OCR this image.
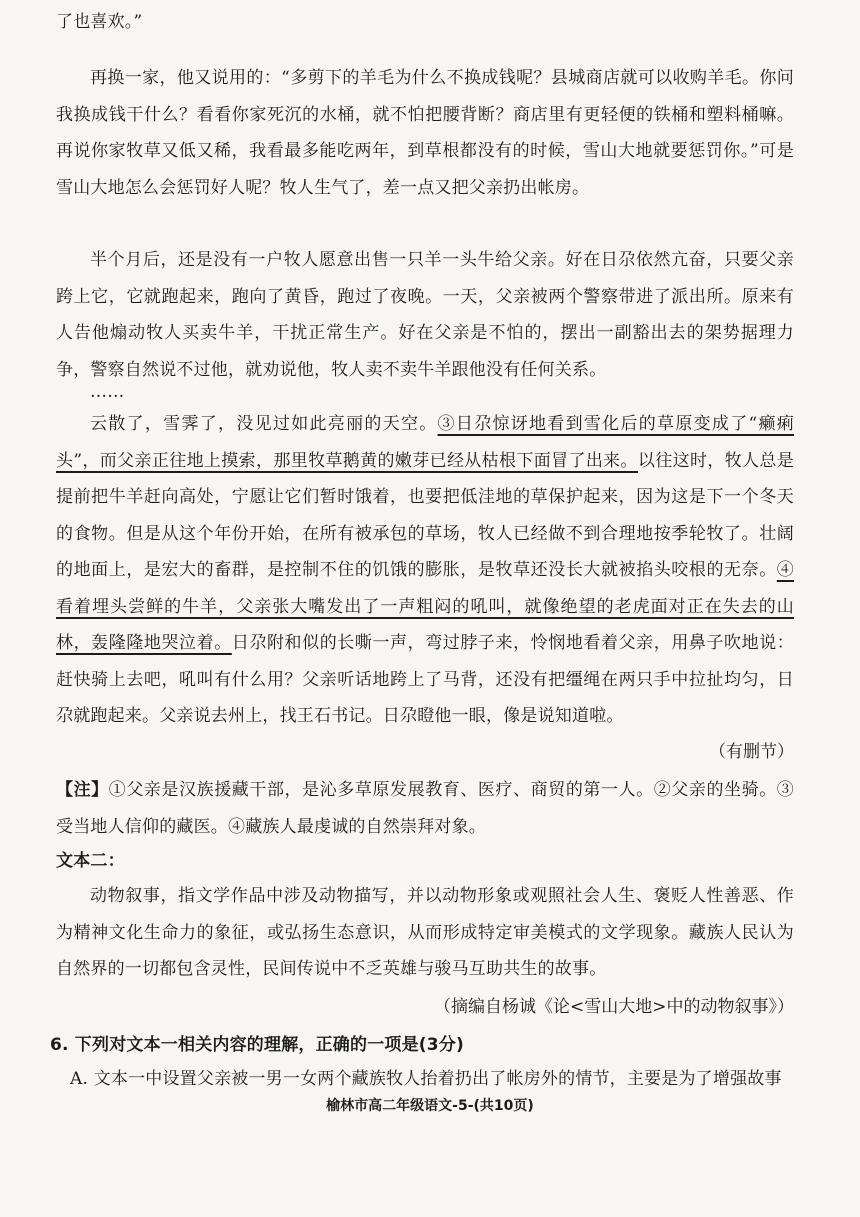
了也喜欢。”

再换一家，他又说用的：“多剪下的羊毛为什么不换成钱呢？县城商店就可以收购羊毛。你问我换成钱干什么？看看你家死沉的水桶，就不怕把腰背断？商店里有更轻便的铁桶和塑料桶嘛。再说你家牧草又低又稀，我看最多能吃两年，到草根都没有的时候，雪山大地就要惩罚你。”可是雪山大地怎么会惩罚好人呢？牧人生气了，差一点又把父亲扔出帐房。

半个月后，还是没有一户牧人愿意出售一只羊一头牛给父亲。好在日尕依然亢奋，只要父亲跨上它，它就跑起来，跑向了黄昏，跑过了夜晚。一天，父亲被两个警察带进了派出所。原来有人告他煽动牧人买卖牛羊，干扰正常生产。好在父亲是不怕的，摆出一副豁出去的架势据理力争，警察自然说不过他，就劝说他，牧人卖不卖牛羊跟他没有任何关系。

……

云散了，雪霁了，没见过如此亮丽的天空。③日尕惊讶地看到雪化后的草原变成了“癞痢头”，而父亲正往地上摸索，那里牧草鹅黄的嫩芽已经从枯根下面冒了出来。以往这时，牧人总是提前把牛羊赶向高处，宁愿让它们暂时饿着，也要把低洼地的草保护起来，因为这是下一个冬天的食物。但是从这个年份开始，在所有被承包的草场，牧人已经做不到合理地按季轮牧了。壮阔的地面上，是宏大的畜群，是控制不住的饥饿的膨胀，是牧草还没长大就被掐头咬根的无奈。④看着埋头尝鲜的牛羊，父亲张大嘴发出了一声粗闷的吼叫，就像绝望的老虎面对正在失去的山林，轰隆隆地哭泣着。日尕附和似的长嘶一声，弯过脖子来，怜悯地看着父亲，用鼻子吹地说：赶快骑上去吧，吼叫有什么用？父亲听话地跨上了马背，还没有把缰绳在两只手中拉扯均匀，日尕就跑起来。父亲说去州上，找王石书记。日尕瞪他一眼，像是说知道啦。

（有删节）

【注】①父亲是汉族援藏干部，是沁多草原发展教育、医疗、商贸的第一人。②父亲的坐骑。③受当地人信仰的藏医。④藏族人最虔诚的自然崇拜对象。

文本二：

动物叙事，指文学作品中涉及动物描写，并以动物形象或观照社会人生、褒贬人性善恶、作为精神文化生命力的象征，或弘扬生态意识，从而形成特定审美模式的文学现象。藏族人民认为自然界的一切都包含灵性，民间传说中不乏英雄与骏马互助共生的故事。

（摘编自杨诚《论<雪山大地>中的动物叙事》）

6. 下列对文本一相关内容的理解，正确的一项是(3分)

A. 文本一中设置父亲被一男一女两个藏族牧人抬着扔出了帐房外的情节，主要是为了增强故事

榆林市高二年级语文-5-(共10页)
